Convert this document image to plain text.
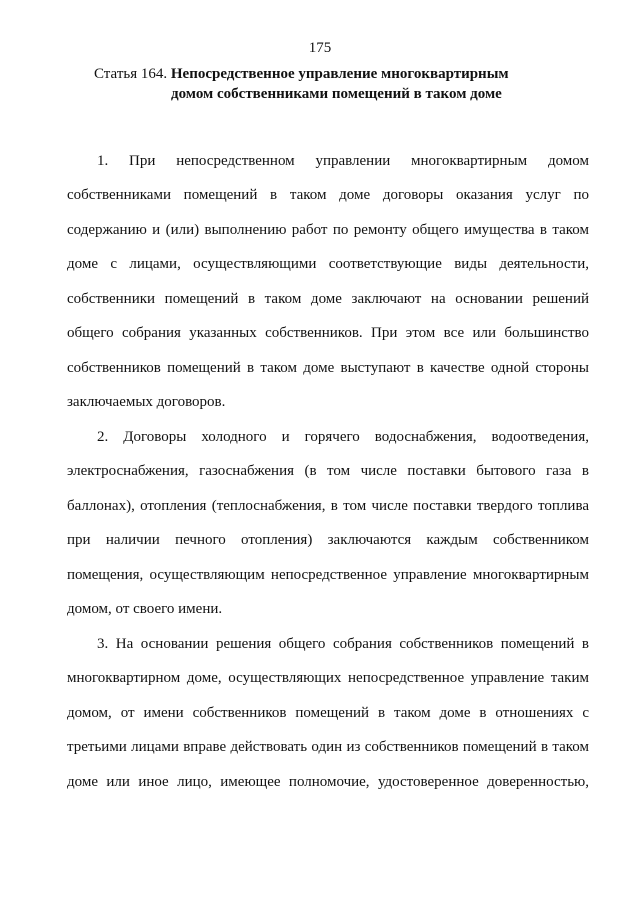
175
Статья 164. Непосредственное управление многоквартирным
домом собственниками помещений в таком доме
1. При непосредственном управлении многоквартирным домом
собственниками помещений в таком доме договоры оказания услуг по
содержанию и (или) выполнению работ по ремонту общего имущества в таком
доме с лицами, осуществляющими соответствующие виды деятельности,
собственники помещений в таком доме заключают на основании решений
общего собрания указанных собственников. При этом все или большинство
собственников помещений в таком доме выступают в качестве одной стороны
заключаемых договоров.
2. Договоры холодного и горячего водоснабжения, водоотведения,
электроснабжения, газоснабжения (в том числе поставки бытового газа в
баллонах), отопления (теплоснабжения, в том числе поставки твердого топлива
при наличии печного отопления) заключаются каждым собственником
помещения, осуществляющим непосредственное управление многоквартирным
домом, от своего имени.
3. На основании решения общего собрания собственников помещений в
многоквартирном доме, осуществляющих непосредственное управление таким
домом, от имени собственников помещений в таком доме в отношениях с
третьими лицами вправе действовать один из собственников помещений в таком
доме или иное лицо, имеющее полномочие, удостоверенное доверенностью,
